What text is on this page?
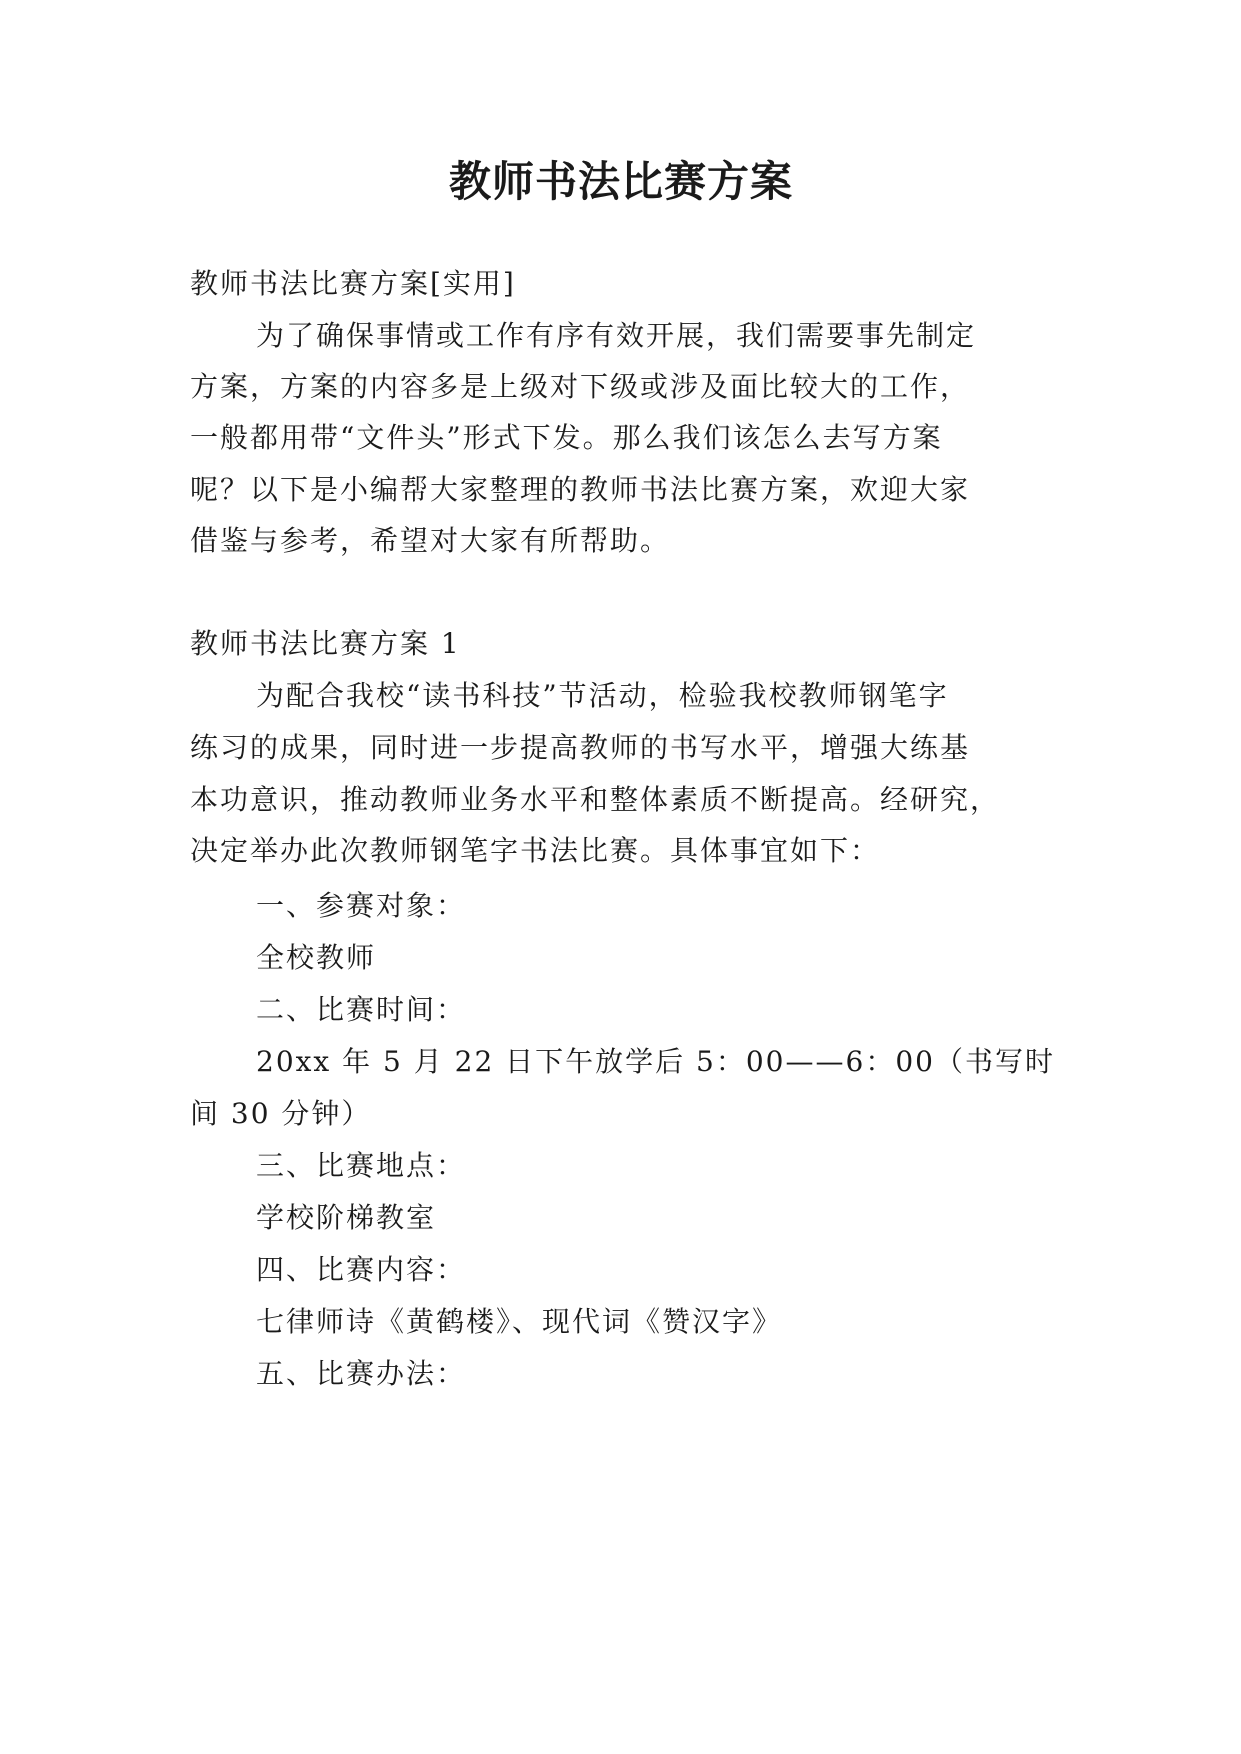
教师书法比赛方案

教师书法比赛方案[实用]

为了确保事情或工作有序有效开展，我们需要事先制定

方案，方案的内容多是上级对下级或涉及面比较大的工作，

一般都用带“文件头”形式下发。那么我们该怎么去写方案

呢？以下是小编帮大家整理的教师书法比赛方案，欢迎大家

借鉴与参考，希望对大家有所帮助。

教师书法比赛方案 1

为配合我校“读书科技”节活动，检验我校教师钢笔字

练习的成果，同时进一步提高教师的书写水平，增强大练基

本功意识，推动教师业务水平和整体素质不断提高。经研究，

决定举办此次教师钢笔字书法比赛。具体事宜如下：

一、参赛对象：

全校教师

二、比赛时间：

20xx 年 5 月 22 日下午放学后 5：00——6：00（书写时

间 30 分钟）

三、比赛地点：

学校阶梯教室

四、比赛内容：

七律师诗《黄鹤楼》、现代词《赞汉字》

五、比赛办法：
